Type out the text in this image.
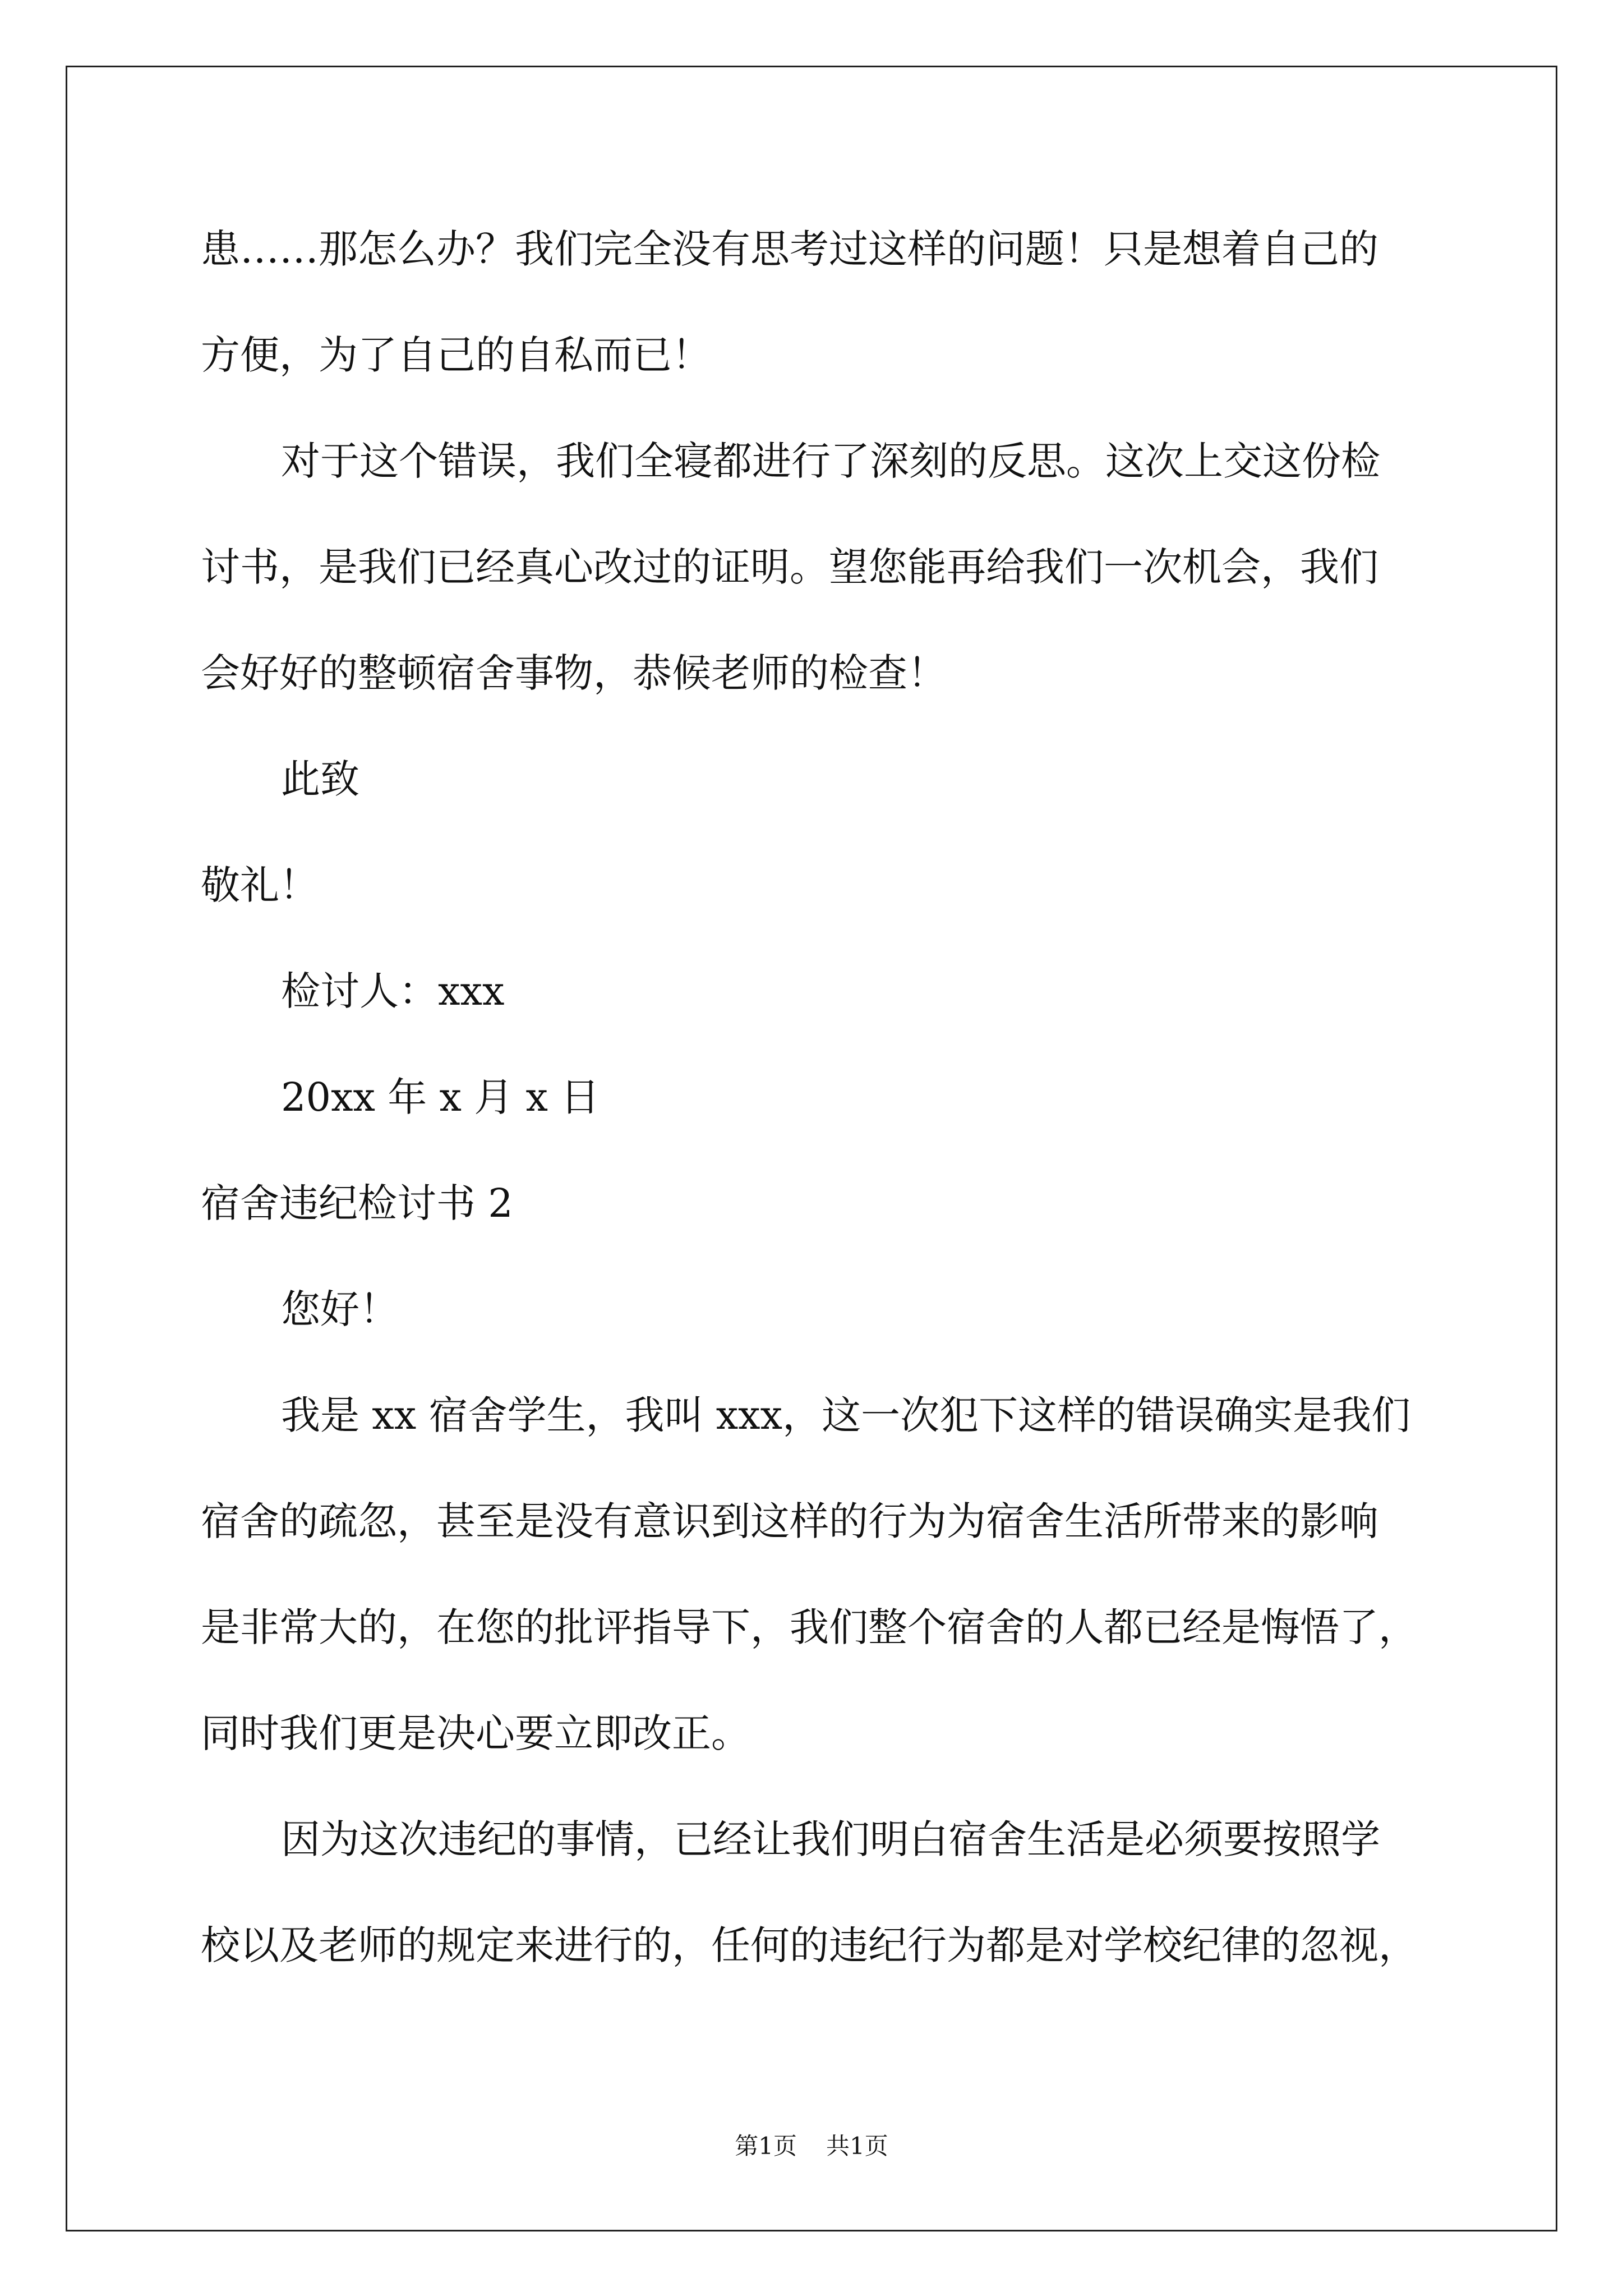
患……那怎么办？我们完全没有思考过这样的问题！只是想着自己的
方便，为了自己的自私而已！
对于这个错误，我们全寝都进行了深刻的反思。这次上交这份检
讨书，是我们已经真心改过的证明。望您能再给我们一次机会，我们
会好好的整顿宿舍事物，恭候老师的检查！
此致
敬礼！
检讨人：xxx
20xx 年 x 月 x 日
宿舍违纪检讨书 2
您好！
我是 xx 宿舍学生，我叫 xxx，这一次犯下这样的错误确实是我们
宿舍的疏忽，甚至是没有意识到这样的行为为宿舍生活所带来的影响
是非常大的，在您的批评指导下，我们整个宿舍的人都已经是悔悟了，
同时我们更是决心要立即改正。
因为这次违纪的事情，已经让我们明白宿舍生活是必须要按照学
校以及老师的规定来进行的，任何的违纪行为都是对学校纪律的忽视，
第1页 共1页
